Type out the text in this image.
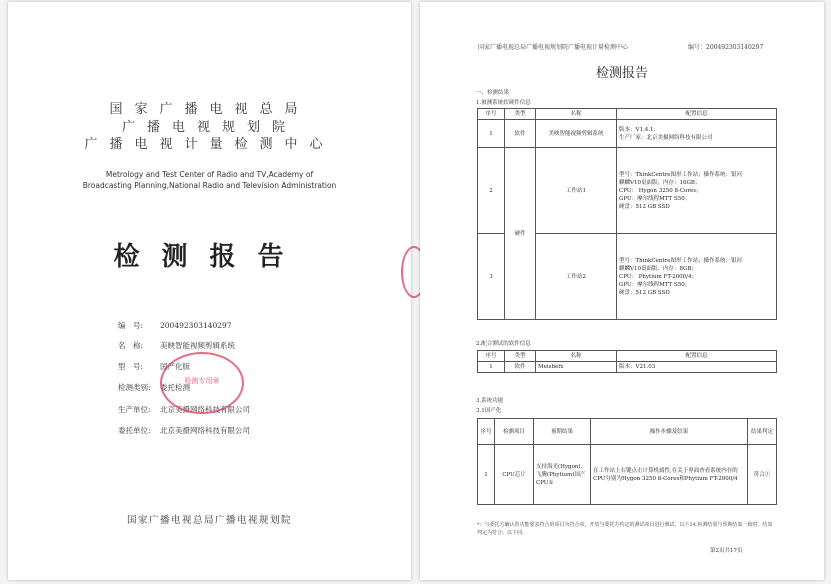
国家广播电视总局
广播电视规划院
广播电视计量检测中心
Metrology and Test Center of Radio and TV,Academy of
Broadcasting Planning,National Radio and Television Administration
检测报告
编　号: 200492303140297
名　称: 美映智能视频剪辑系统
型　号: 国产化版
检测类别: 委托检测
生产单位: 北京美摄网络科技有限公司
委托单位: 北京美摄网络科技有限公司
检测专用章
国家广播电视总局广播电视规划院
国家广播电视总局广播电视规划院广播电视计量检测中心	编号：200492303140297
检测报告
一、检测结果
1.被测系统软硬件信息
序号	类型	名称	配置信息
1	软件	美映智能视频剪辑系统	版本：V1.4.1；
生产厂家：北京美摄网络科技有限公司

2	硬件	工作站1	型号：ThinkCentre图形工作站；操作系统：银河
麒麟V10桌面版；内存：16GB；
CPU： Hygon 3250 8-Cores；
GPU：摩尔线程MTT S50；
硬盘：512 GB SSD

3		工作站2	型号：ThinkCentre图形工作站；操作系统：银河
麒麟V10桌面版；内存：8GB；
CPU： Phytium FT-2000/4；
GPU：摩尔线程MTT S50；
硬盘：512 GB SSD
2.配合测试的软件信息
序号	类型	名称	配置信息
1	软件	Meishe​fx	版本：V21.03
3.系统功能
3.1国产化
序号	检测项目	预期结果	操作步骤及结果	结果判定
1	CPU芯片	支持海光(Hygon)、飞腾(Phytium)国产CPU①	在工作站上右键点击计算机属性,在关于界面查看系统内存的CPU分别为Hygon 3250 8-Cores和Phytium FT-2000/4	符合①
*：与委托方确认的功能要求符合的项目为符合项，开放与委托方约定的测试项目进行测试，以下14.检测结果与预期结果一致时，结果判定为符合；以下同。
第2页共17页
